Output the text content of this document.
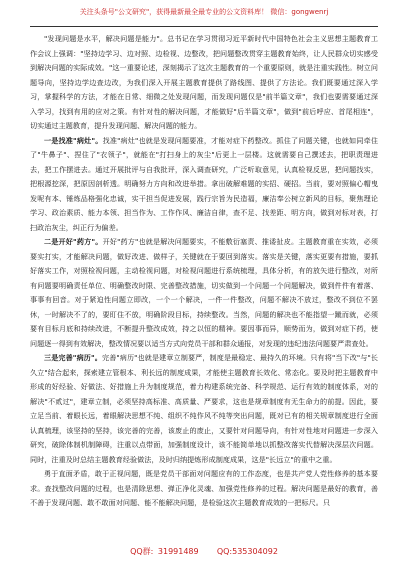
关注头条号"公文研究"，获得最新最全最专业的公文资料库！ 微信：gongwenrj

"发现问题是水平，解决问题是能力"。总书记在学习贯彻习近平新时代中国特色社会主义思想主题教育工作会议上强调："坚持边学习、边对照、边检视、边整改，把问题整改贯穿主题教育始终，让人民群众切实感受到解决问题的实际成效。"这一重要论述，深刻揭示了这次主题教育的一个重要原则，就是注重实践性。树立问题导向，坚持边学边查边改，为我们深入开展主题教育提供了路线图、提供了方法论。我们既要通过深入学习，掌握科学的方法，才能在日常、细微之处发现问题，而发现问题仅是"前半篇文章"，我们也要需要通过深入学习，找到有用的应对之策。有针对性的解决问题，才能做好"后半篇文章"，做到"前后呼应、首尾相连"，切实通过主题教育，提升发现问题、解决问题的能力。

一是找准"病灶"。找准"病灶"也就是发现问题要准，才能对症下药整改。抓住了问题关键，也就如同牵住了"牛鼻子"、捏住了"衣领子"，就能在"打扫身上的灰尘"后更上一层楼。这就需要自己撰述去，把职责理进去，把工作摆进去。通过开展批评与自我批评，深入调查研究，广泛听取意见，认真检视反思，把问题找实，把根源挖深，把原因剖析透。明确努力方向和改进举措。拿出破解难题的实招、硬招。当前，要对照偏心帽曳发呢有本、锤炼品格强化忠诚，实干担当促进发展，践行宗旨为民造福，廉洁奉公树立新风的目标，聚焦理论学习、政治素质、能力本领、担当作为、工作作风、廉洁自律，查不足、找差距、明方向，做到对标对表，打扫政治灰尘，纠正行为偏差。

二是开好"药方"。开好"药方"也就是解决问题要实，不能敷衍塞责、推诿扯皮。主题教育重在实效，必须要实打实，才能解决问题，做好改进、做样子，关键就在于要回到落实。落实是关键，落实更要有措施，要抓好落实工作，对照检视问题，主动检视问题，对检视问题进行系统梳理，具体分析，有的放矢进行整改，对所有问题要明确责任单位、明确整改时限、完善整改措施，切实做到一个问题一个问题解决，做到件件有着落、事事有回音。对于紧迫性问题立即改，一个一个解决，一件一件整改，问题不解决不放过，整改不到位不罢休，一时解决不了的，要盯住不放，明确阶段目标，持续整改。当然，问题的解决也不能指望一蹴而就，必须要有目标月底和持续改进，不断提升整改成效，持之以恒的精神。要因事而异，顺势而为，做到对症下药，使问题逐一得到有效解决，整改情况要以适当方式向党员干部和群众通报，对发现的违纪违法问题要严肃查处。

三是完善"病历"。完善"病历"也就是建章立制要严，制度是最稳定、最持久的环境。只有将"当下改"与"长久立"结合起来，探索建立管根本、利长远的制度成果，才能使主题教育长效化、常态化。要及时把主题教育中形成的好经验、好做法、好措施上升为制度规范，着力构建系统完备、科学规范、运行有效的制度体系，对的解决"不贰过"，建章立制，必须坚持高标准、高质量、严要求，这也是规章制度有无生命力的前提。因此，要立足当前、着眼长远，着眼解决思想不纯、组织不纯作风不纯等突出问题，既对已有的相关规章制度进行全面认真梳理，该坚持的坚持，该完善的完善，该废止的废止，又要针对问题导向，有针对性地对问题进一步深入研究，破除体制机制障碍，注重以点带面，加强制度设计，该不能简单地以抓整改落实代替解决深层次问题。同时，注重及时总结主题教育经验做法，及时归纳提炼形成制度成果，这是"长远立"的重中之重。

勇于直面矛盾，敢于正视问题，既是党员干部面对问题应有的工作态度，也是共产党人党性修养的基本要求。查找整改问题的过程，也是清除思想、弹正净化灵魂、加强党性修养的过程。解决问题是最好的教育，善不善于发现问题、敢不敢面对问题、能不能解决问题，是检验这次主题教育成效的一把标尺。只

QQ群: 31991489 QQ:535304092
